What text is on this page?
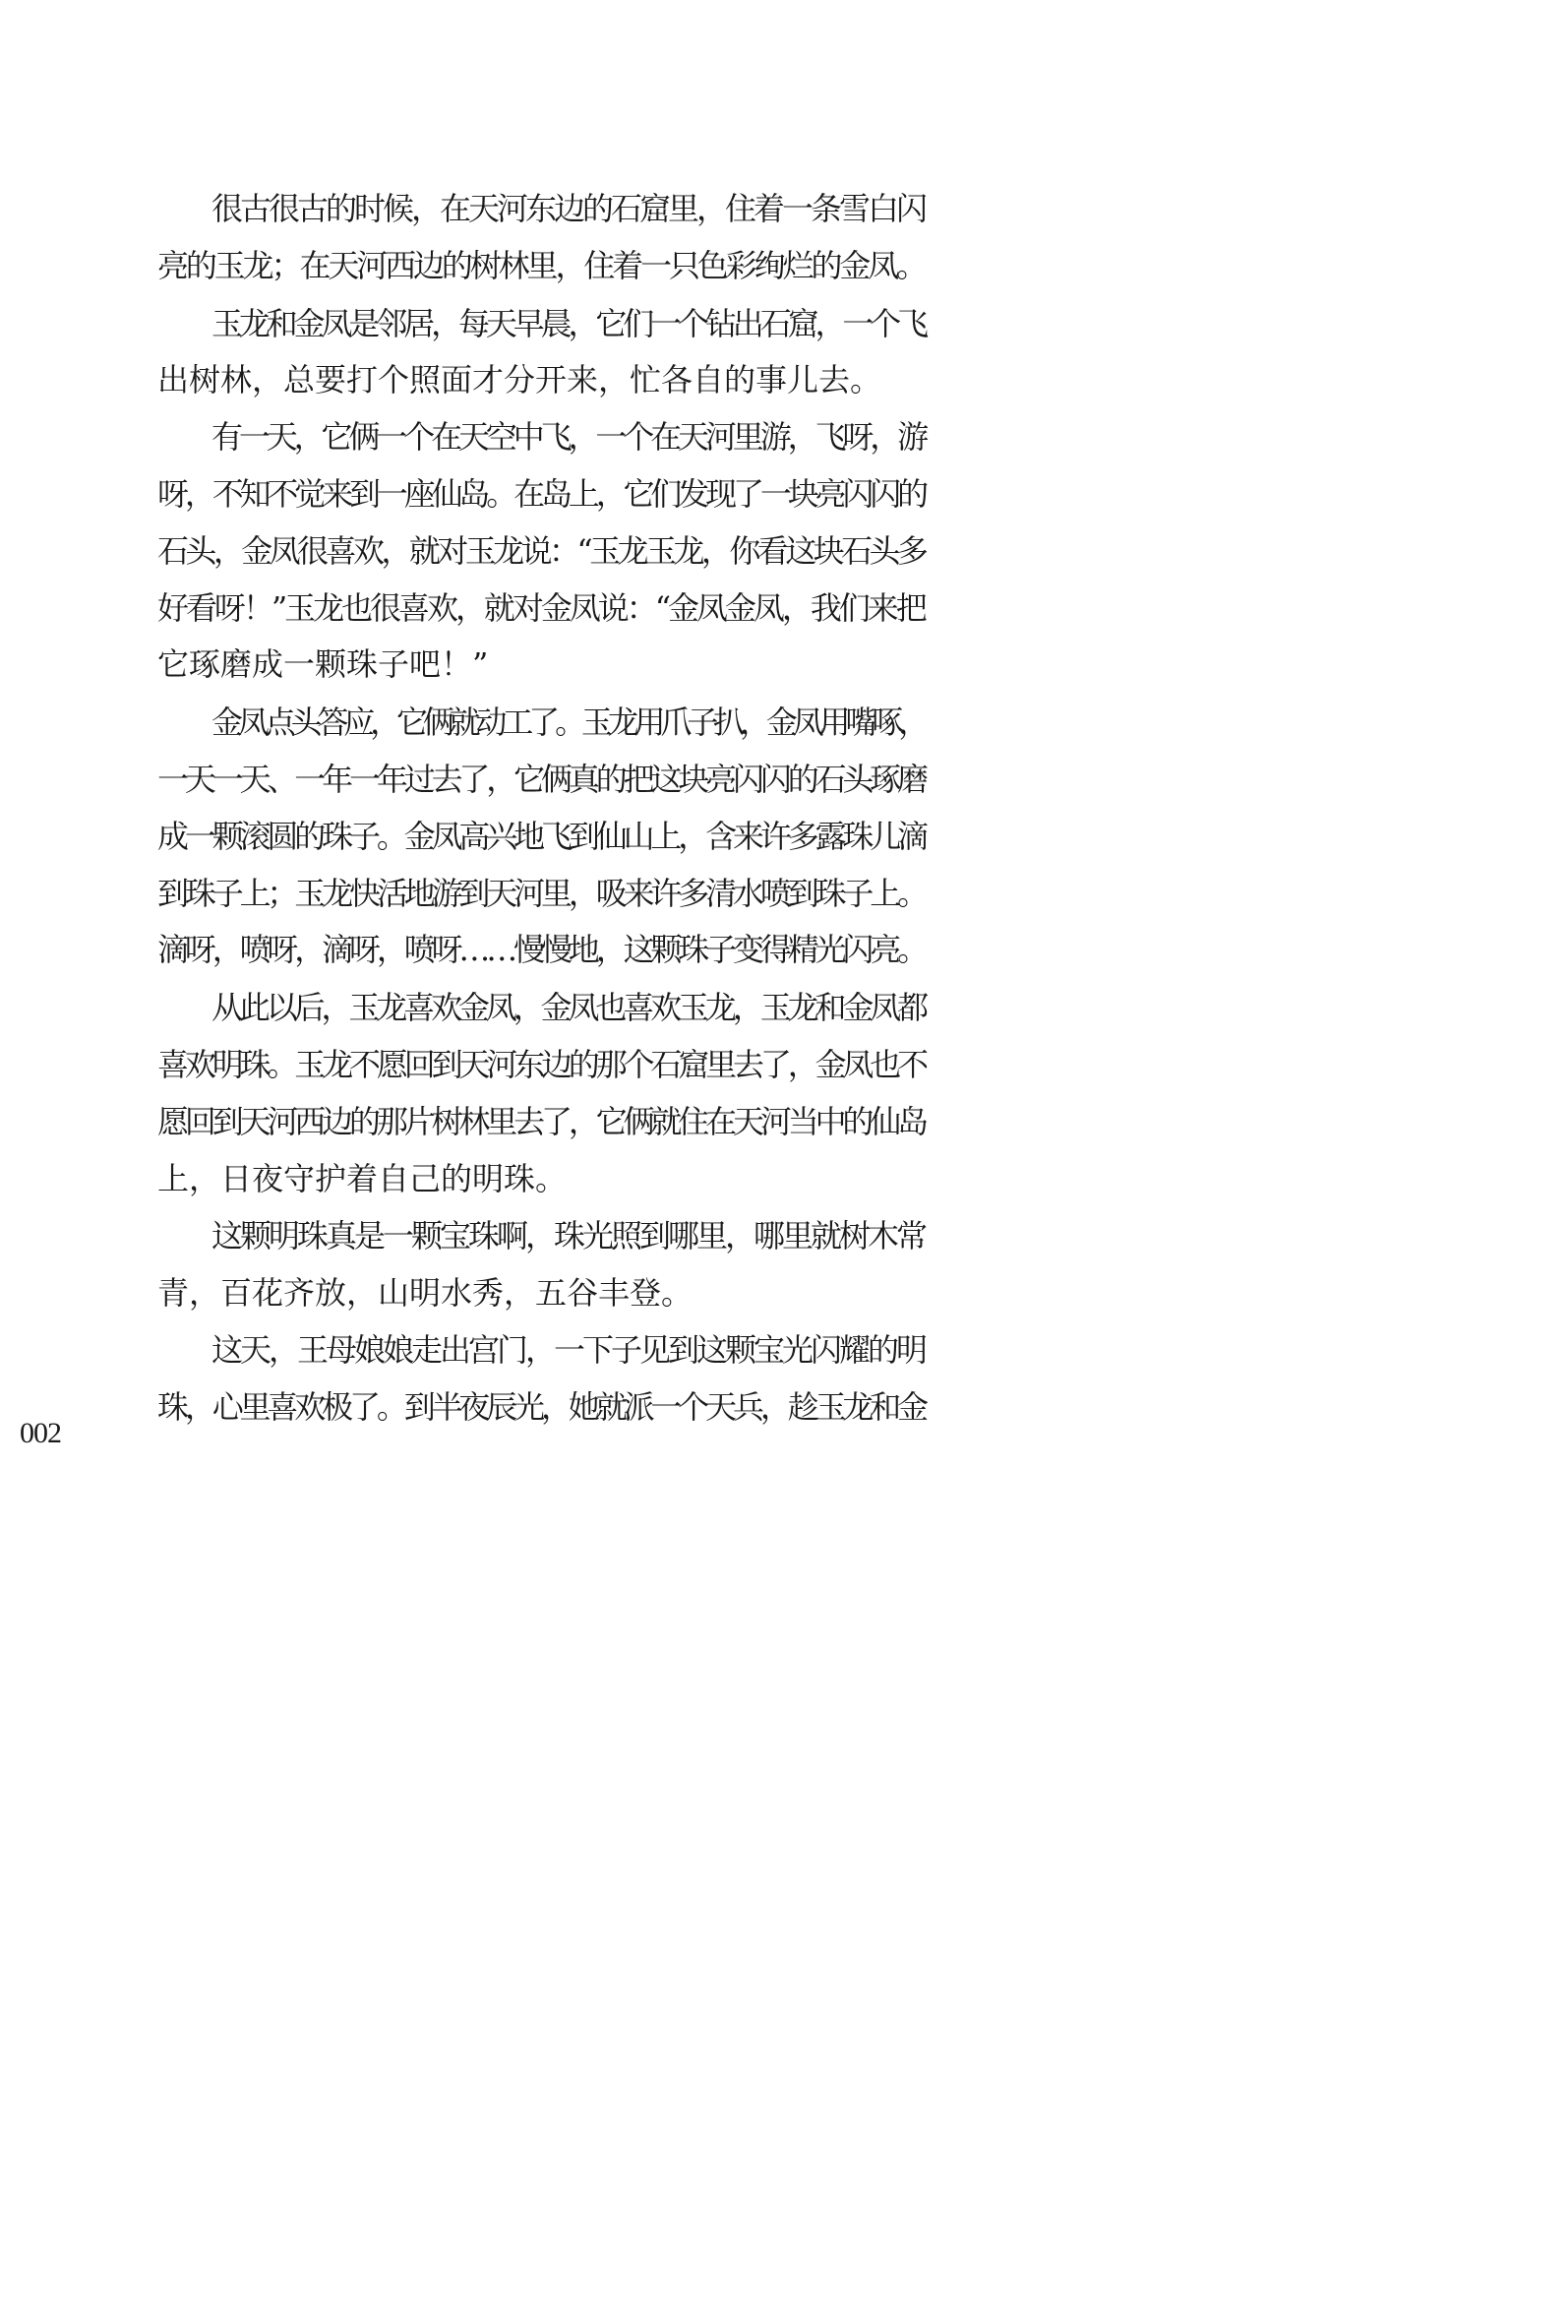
很古很古的时候，在天河东边的石窟里，住着一条雪白闪
亮的玉龙；在天河西边的树林里，住着一只色彩绚烂的金凤。
玉龙和金凤是邻居，每天早晨，它们一个钻出石窟，一个飞
出树林，总要打个照面才分开来，忙各自的事儿去。
有一天，它俩一个在天空中飞，一个在天河里游，飞呀，游
呀，不知不觉来到一座仙岛。在岛上，它们发现了一块亮闪闪的
石头，金凤很喜欢，就对玉龙说：“玉龙玉龙，你看这块石头多
好看呀！”玉龙也很喜欢，就对金凤说：“金凤金凤，我们来把
它琢磨成一颗珠子吧！”
金凤点头答应，它俩就动工了。玉龙用爪子扒，金凤用嘴啄，
一天一天、一年一年过去了，它俩真的把这块亮闪闪的石头琢磨
成一颗滚圆的珠子。金凤高兴地飞到仙山上，含来许多露珠儿滴
到珠子上；玉龙快活地游到天河里，吸来许多清水喷到珠子上。
滴呀，喷呀，滴呀，喷呀……慢慢地，这颗珠子变得精光闪亮。
从此以后，玉龙喜欢金凤，金凤也喜欢玉龙，玉龙和金凤都
喜欢明珠。玉龙不愿回到天河东边的那个石窟里去了，金凤也不
愿回到天河西边的那片树林里去了，它俩就住在天河当中的仙岛
上，日夜守护着自己的明珠。
这颗明珠真是一颗宝珠啊，珠光照到哪里，哪里就树木常
青，百花齐放，山明水秀，五谷丰登。
这天，王母娘娘走出宫门，一下子见到这颗宝光闪耀的明
珠，心里喜欢极了。到半夜辰光，她就派一个天兵，趁玉龙和金
002
